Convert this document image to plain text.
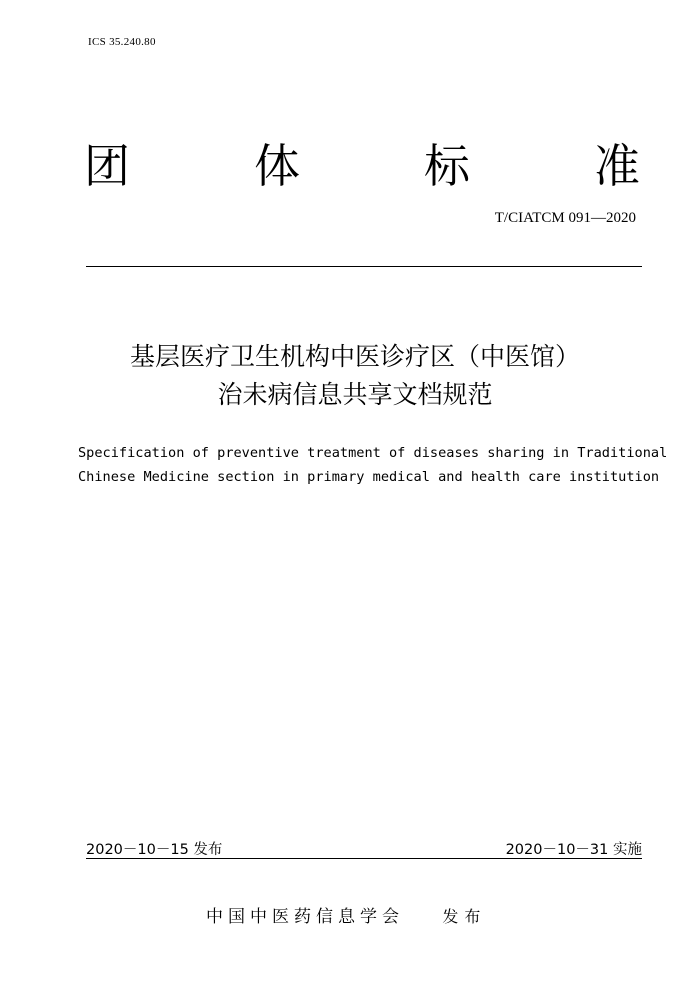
ICS 35.240.80
团	体	标	准
T/CIATCM 091—2020
基层医疗卫生机构中医诊疗区（中医馆）
治未病信息共享文档规范
Specification of preventive treatment of diseases sharing in Traditional
Chinese Medicine section in primary medical and health care institution
2020－10－15 发布	2020－10－31 实施
中国中医药信息学会 发布
